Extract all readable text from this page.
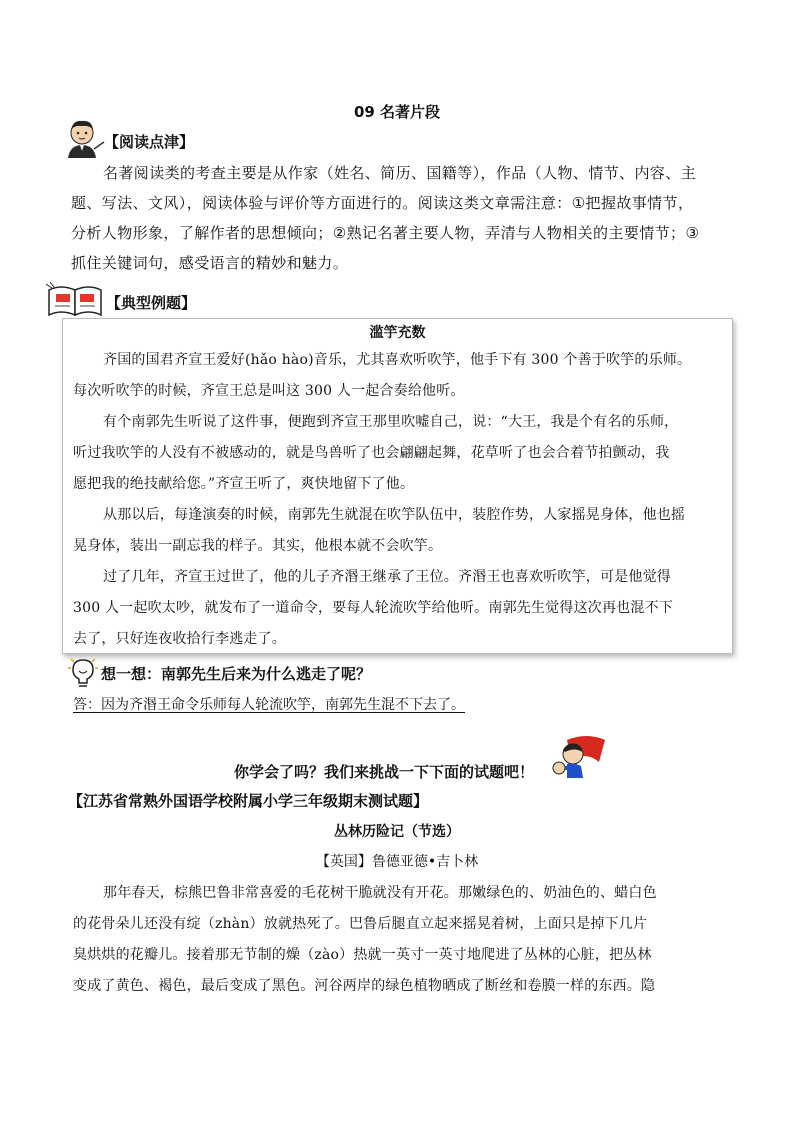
09 名著片段
【阅读点津】
名著阅读类的考查主要是从作家（姓名、简历、国籍等），作品（人物、情节、内容、主
题、写法、文风），阅读体验与评价等方面进行的。阅读这类文章需注意：①把握故事情节，
分析人物形象，了解作者的思想倾向；②熟记名著主要人物，弄清与人物相关的主要情节；③
抓住关键词句，感受语言的精妙和魅力。
【典型例题】
滥竽充数
齐国的国君齐宣王爱好(hǎo hào)音乐，尤其喜欢听吹竽，他手下有 300 个善于吹竽的乐师。
每次听吹竽的时候，齐宣王总是叫这 300 人一起合奏给他听。
有个南郭先生听说了这件事，便跑到齐宣王那里吹嘘自己，说：“大王，我是个有名的乐师，
听过我吹竽的人没有不被感动的，就是鸟兽听了也会翩翩起舞，花草听了也会合着节拍颤动，我
愿把我的绝技献给您。”齐宣王听了，爽快地留下了他。
从那以后，每逢演奏的时候，南郭先生就混在吹竽队伍中，装腔作势，人家摇晃身体，他也摇
晃身体，装出一副忘我的样子。其实，他根本就不会吹竽。
过了几年，齐宣王过世了，他的儿子齐湣王继承了王位。齐湣王也喜欢听吹竽，可是他觉得
300 人一起吹太吵，就发布了一道命令，要每人轮流吹竽给他听。南郭先生觉得这次再也混不下
去了，只好连夜收拾行李逃走了。
想一想：南郭先生后来为什么逃走了呢？
答：因为齐湣王命令乐师每人轮流吹竽，南郭先生混不下去了。
你学会了吗？我们来挑战一下下面的试题吧！
【江苏省常熟外国语学校附属小学三年级期末测试题】
丛林历险记（节选）
【英国】鲁德亚德•吉卜林
那年春天，棕熊巴鲁非常喜爱的毛花树干脆就没有开花。那嫩绿色的、奶油色的、蜡白色
的花骨朵儿还没有绽（zhàn）放就热死了。巴鲁后腿直立起来摇晃着树，上面只是掉下几片
臭烘烘的花瓣儿。接着那无节制的燥（zào）热就一英寸一英寸地爬进了丛林的心脏，把丛林
变成了黄色、褐色，最后变成了黑色。河谷两岸的绿色植物晒成了断丝和卷膜一样的东西。隐
